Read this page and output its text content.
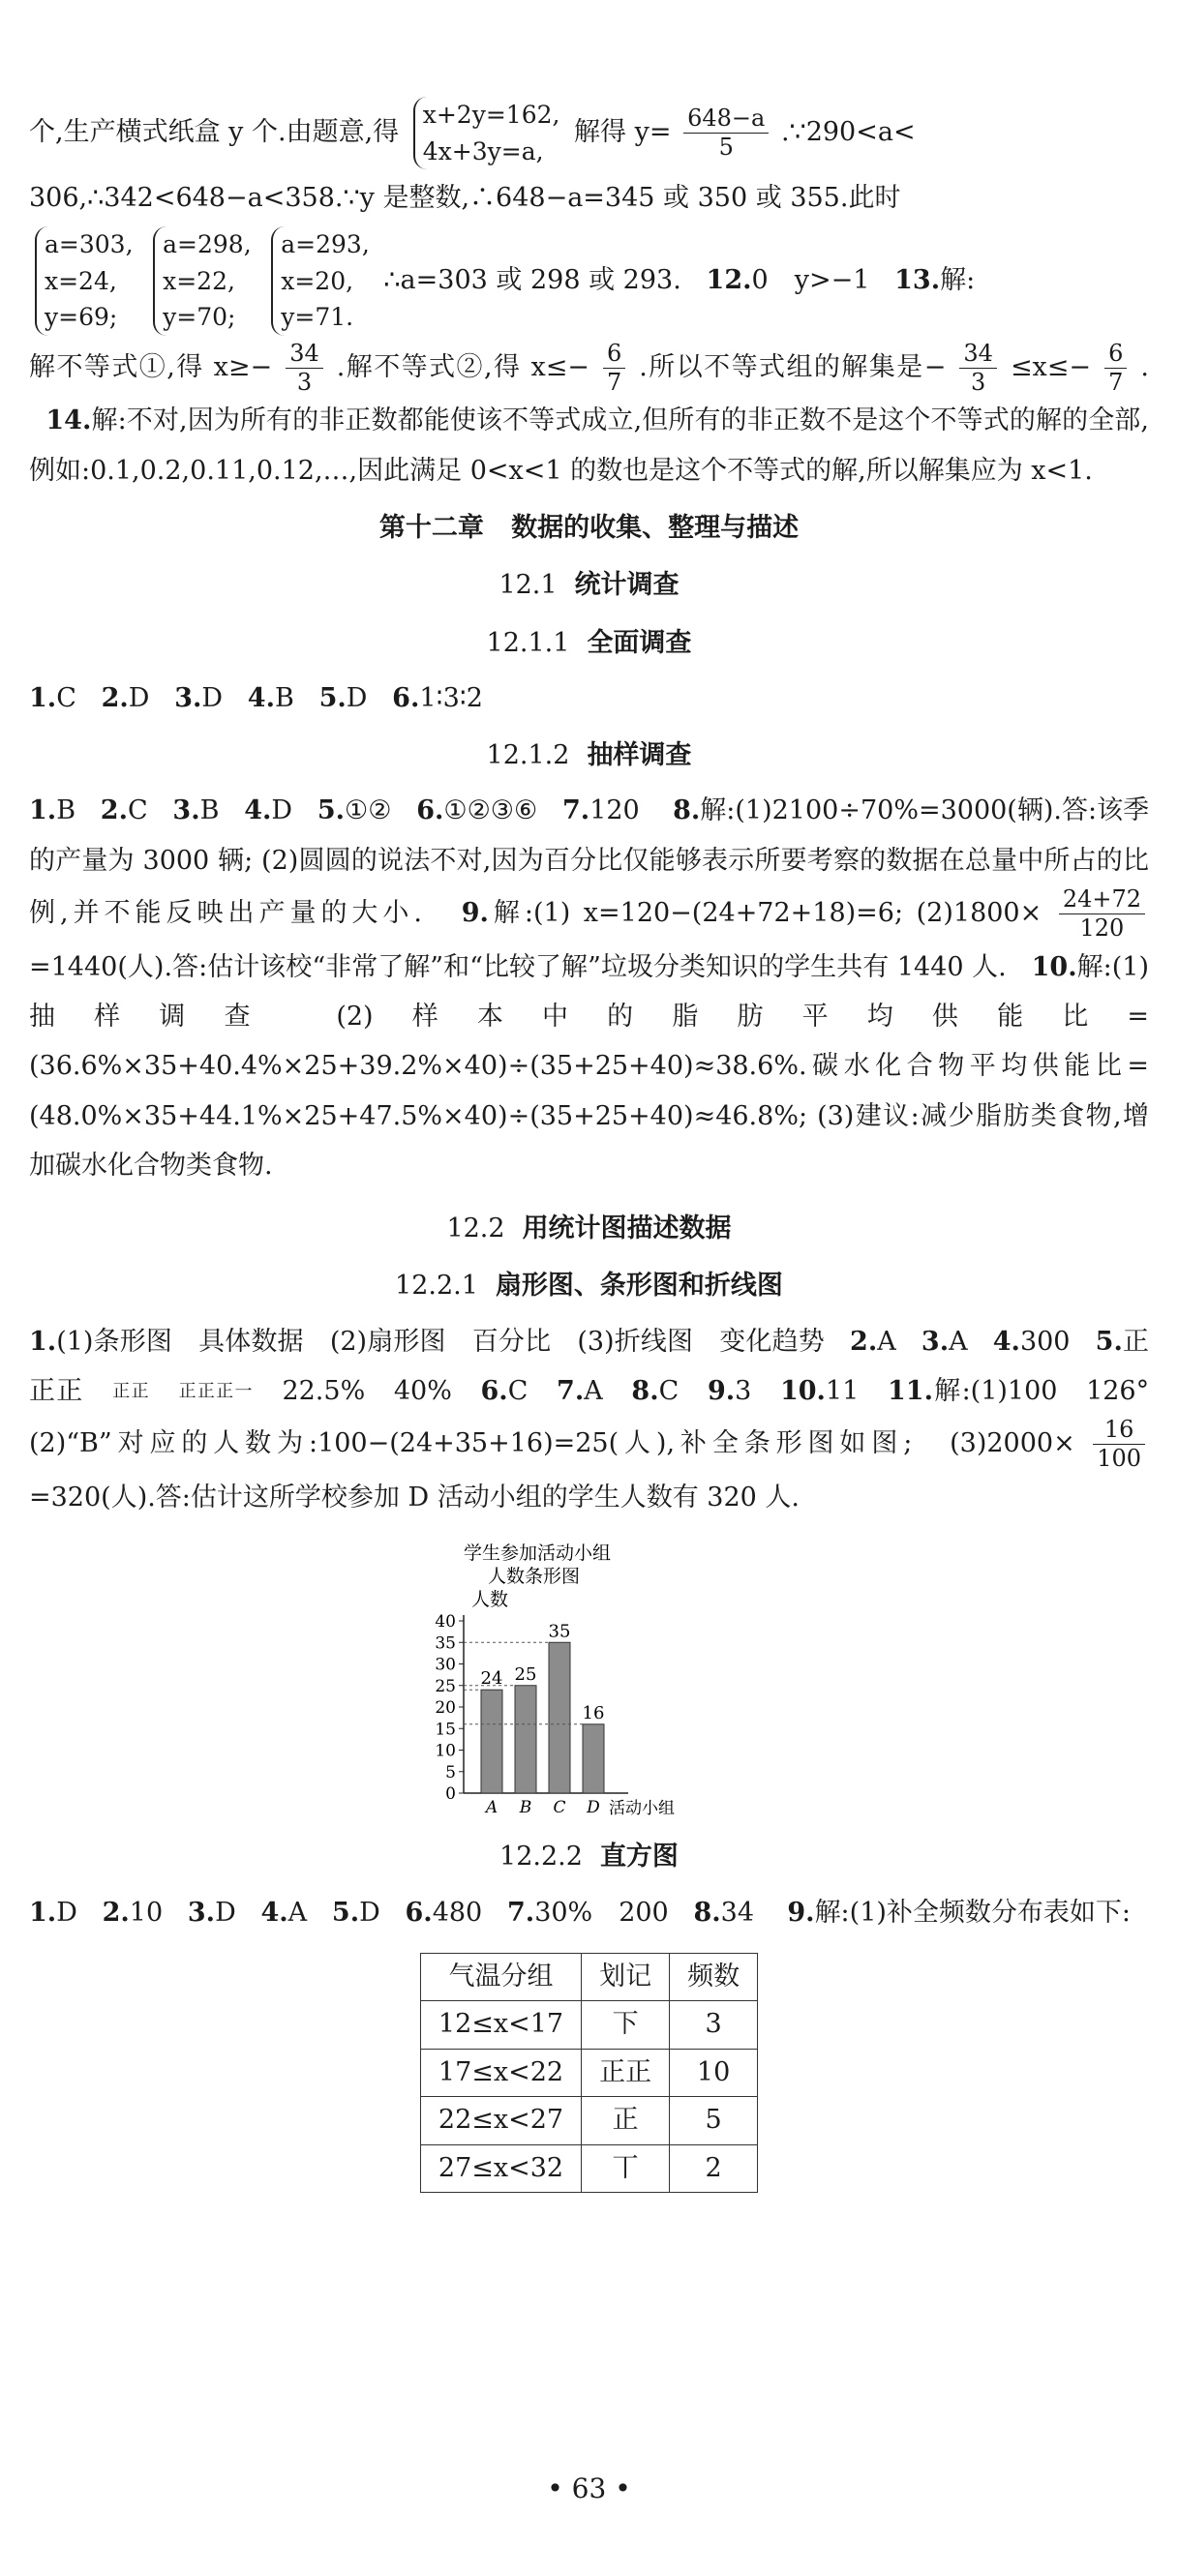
个,生产横式纸盒 y 个.由题意,得
x+2y=162,
4x+3y=a,
解得 $y= \frac{648-a}{5}$ .∵290<a<

306,∴342<648−a<358.∵y 是整数,∴648−a=345 或 350 或 355.此时

a=303,
x=24,
y=69;

a=298,
x=22,
y=70;

a=293,
x=20,
y=71.
∴a=303 或 298 或 293. 12.0　y>−1 13.解:

解不等式①,得 $x\ge- \frac{34}{3}$ .解不等式②,得 $x\le- \frac{6}{7}$ .所以不等式组的解集是− $\frac{34}{3} \le x\le- \frac{6}{7}$ .   14.解:不对,因为所有的非正数都能使该不等式成立,但所有的非正数不是这个不等式的解的全部,例如:0.1,0.2,0.11,0.12,…,因此满足 0<x<1 的数也是这个不等式的解,所以解集应为 x<1.

第十二章 数据的收集、整理与描述
12.1 统计调查
12.1.1 全面调查

1.C 2.D 3.D 4.B 5.D 6.1∶3∶2

12.1.2 抽样调查

1.B 2.C 3.B 4.D 5.①② 6.①②③⑥ 7.120 8.解:(1)2100÷70%=3000(辆).答:该季的产量为 3000 辆; (2)圆圆的说法不对,因为百分比仅能够表示所要考察的数据在总量中所占的比例,并不能反映出产量的大小. 9.解:(1) x=120−(24+72+18)=6; $(2)1800\times \frac{24+72}{120}$
=1440(人).答:估计该校“非常了解”和“比较了解”垃圾分类知识的学生共有 1440 人. 10.解:(1)抽样调查 (2)样本中的脂肪平均供能比=(36.6%×35+40.4%×25+39.2%×40)÷(35+25+40)≈38.6%.碳水化合物平均供能比=(48.0%×35+44.1%×25+47.5%×40)÷(35+25+40)≈46.8%; (3)建议:减少脂肪类食物,增加碳水化合物类食物.

12.2 用统计图描述数据
12.2.1 扇形图、条形图和折线图

1.(1)条形图　具体数据　(2)扇形图　百分比　(3)折线图　变化趋势 2.A 3.A 4.300 5.正正正 正正 正正正一 22.5%　40% 6.C 7.A 8.C 9.3 10.11 11.解:(1)100　126°　(2)“B”对应的人数为:100−(24+35+16)=25(人),补全条形图如图;　$(3)2000\times \frac{16}{100}$
=320(人).答:估计这所学校参加 D 活动小组的学生人数有 320 人.

学生参加活动小组
人数条形图
人数
0
5
10
15
20
25
30
35
40
24
A
25
B
35
C
16
D 活动小组
12.2.2 直方图

1.D 2.10 3.D 4.A 5.D 6.480 7.30%　200 8.34 9.解:(1)补全频数分布表如下:

气温分组	划记	频数
12≤x<17	下	3
17≤x<22	正正	10
22≤x<27	正	5
27≤x<32	丅	2
• 63 •
